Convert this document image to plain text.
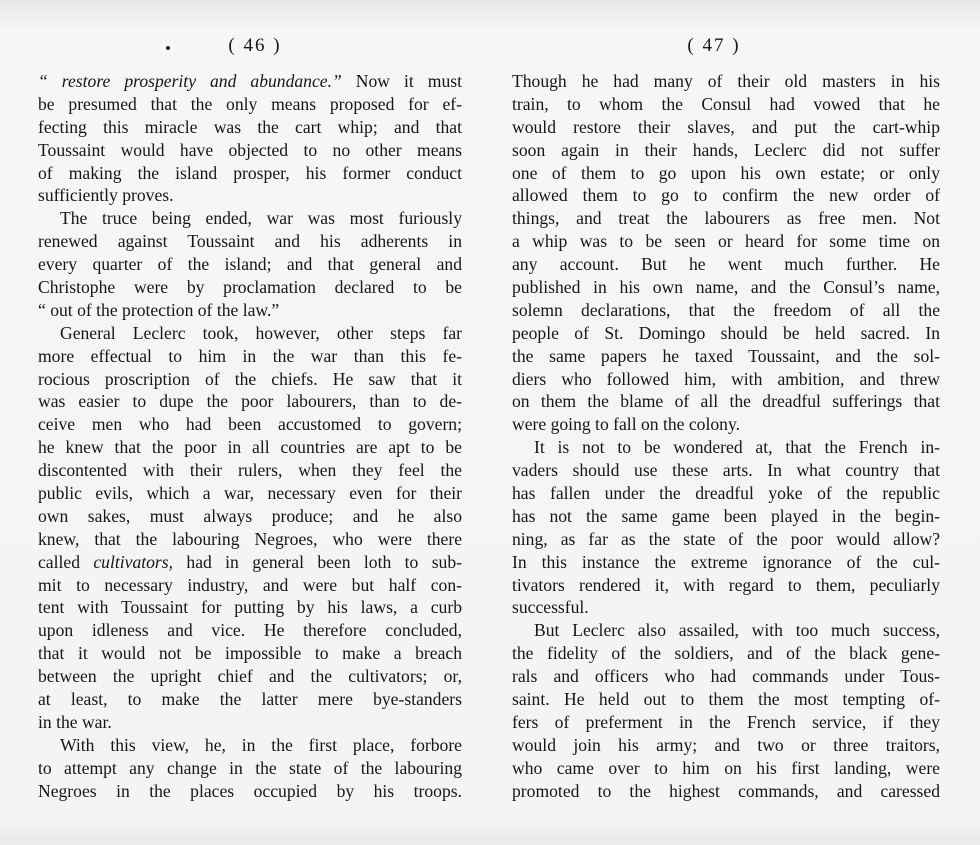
( 46 )
“ restore prosperity and abundance.” Now it must
be presumed that the only means proposed for ef-
fecting this miracle was the cart whip; and that
Toussaint would have objected to no other means
of making the island prosper, his former conduct
sufficiently proves.
The truce being ended, war was most furiously
renewed against Toussaint and his adherents in
every quarter of the island; and that general and
Christophe were by proclamation declared to be
“ out of the protection of the law.”
General Leclerc took, however, other steps far
more effectual to him in the war than this fe-
rocious proscription of the chiefs. He saw that it
was easier to dupe the poor labourers, than to de-
ceive men who had been accustomed to govern;
he knew that the poor in all countries are apt to be
discontented with their rulers, when they feel the
public evils, which a war, necessary even for their
own sakes, must always produce; and he also
knew, that the labouring Negroes, who were there
called cultivators, had in general been loth to sub-
mit to necessary industry, and were but half con-
tent with Toussaint for putting by his laws, a curb
upon idleness and vice. He therefore concluded,
that it would not be impossible to make a breach
between the upright chief and the cultivators; or,
at least, to make the latter mere bye-standers
in the war.
With this view, he, in the first place, forbore
to attempt any change in the state of the labouring
Negroes in the places occupied by his troops.
( 47 )
Though he had many of their old masters in his
train, to whom the Consul had vowed that he
would restore their slaves, and put the cart-whip
soon again in their hands, Leclerc did not suffer
one of them to go upon his own estate; or only
allowed them to go to confirm the new order of
things, and treat the labourers as free men. Not
a whip was to be seen or heard for some time on
any account. But he went much further. He
published in his own name, and the Consul’s name,
solemn declarations, that the freedom of all the
people of St. Domingo should be held sacred. In
the same papers he taxed Toussaint, and the sol-
diers who followed him, with ambition, and threw
on them the blame of all the dreadful sufferings that
were going to fall on the colony.
It is not to be wondered at, that the French in-
vaders should use these arts. In what country that
has fallen under the dreadful yoke of the republic
has not the same game been played in the begin-
ning, as far as the state of the poor would allow?
In this instance the extreme ignorance of the cul-
tivators rendered it, with regard to them, peculiarly
successful.
But Leclerc also assailed, with too much success,
the fidelity of the soldiers, and of the black gene-
rals and officers who had commands under Tous-
saint. He held out to them the most tempting of-
fers of preferment in the French service, if they
would join his army; and two or three traitors,
who came over to him on his first landing, were
promoted to the highest commands, and caressed
